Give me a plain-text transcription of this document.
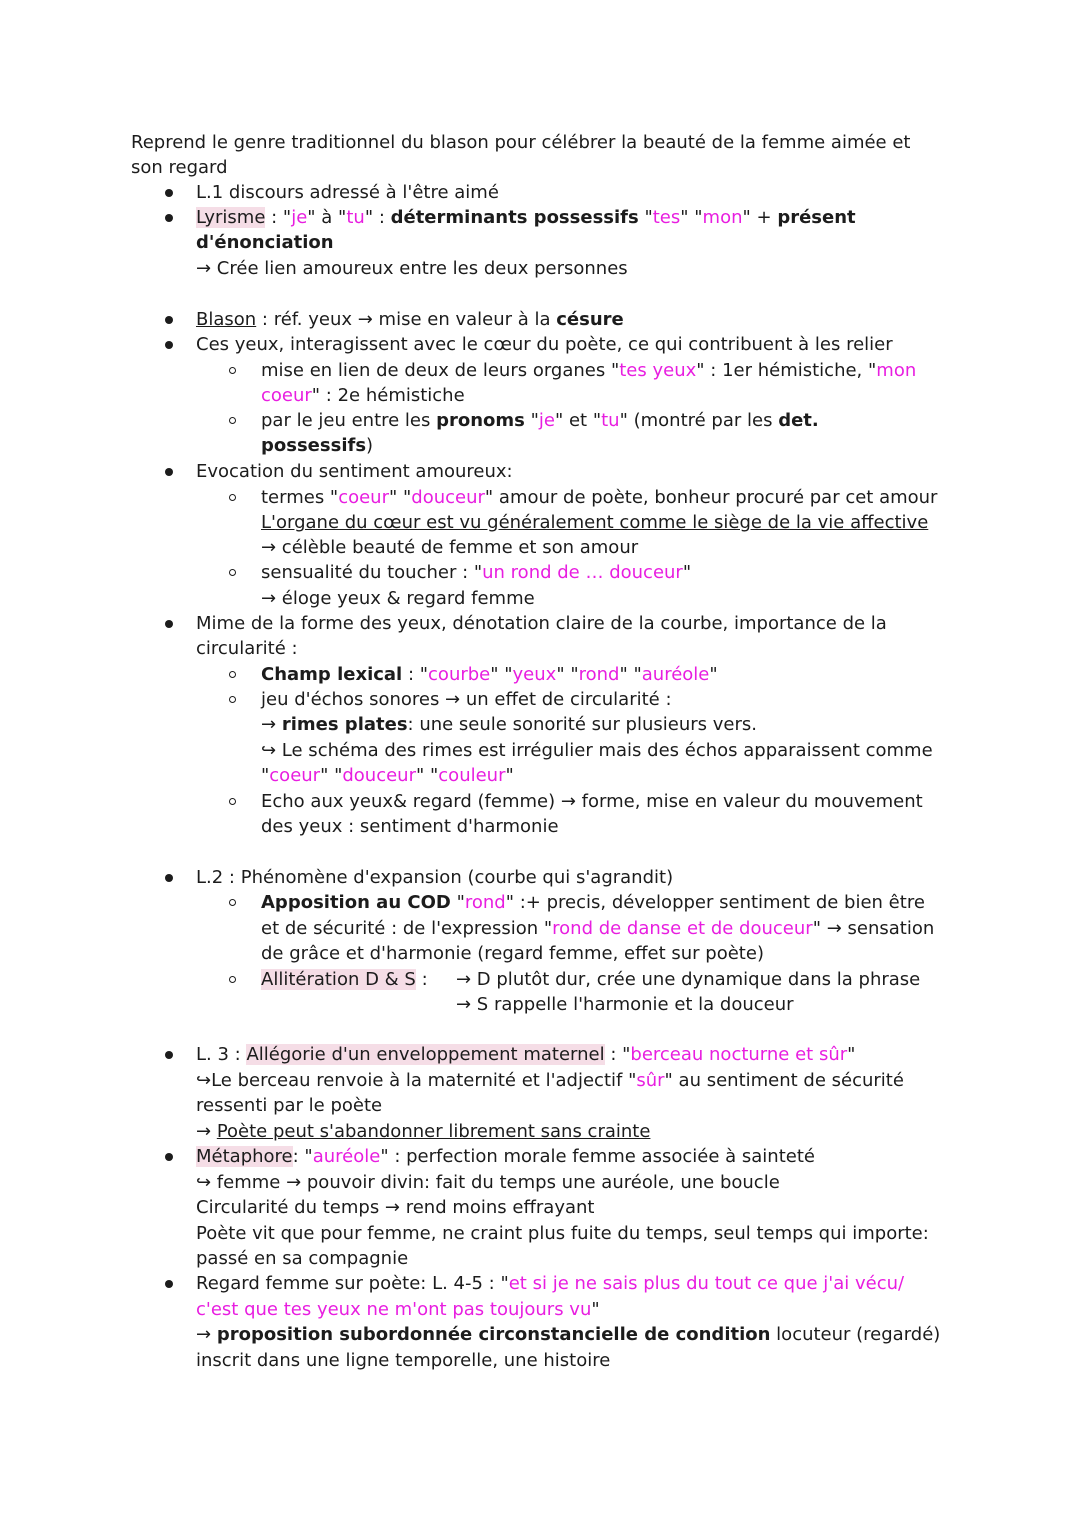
Reprend le genre traditionnel du blason pour célébrer la beauté de la femme aimée et
son regard
L.1 discours adressé à l'être aimé
Lyrisme : "je" à "tu" : déterminants possessifs "tes" "mon" + présent
d'énonciation
→ Crée lien amoureux entre les deux personnes
Blason : réf. yeux → mise en valeur à la césure
Ces yeux, interagissent avec le cœur du poète, ce qui contribuent à les relier
mise en lien de deux de leurs organes "tes yeux" : 1er hémistiche, "mon
coeur" : 2e hémistiche
par le jeu entre les pronoms "je" et "tu" (montré par les det.
possessifs)
Evocation du sentiment amoureux:
termes "coeur" "douceur" amour de poète, bonheur procuré par cet amour
L'organe du cœur est vu généralement comme le siège de la vie affective
→ célèble beauté de femme et son amour
sensualité du toucher : "un rond de … douceur"
→ éloge yeux & regard femme
Mime de la forme des yeux, dénotation claire de la courbe, importance de la
circularité :
Champ lexical : "courbe" "yeux" "rond" "auréole"
jeu d'échos sonores → un effet de circularité :
→ rimes plates: une seule sonorité sur plusieurs vers.
↪ Le schéma des rimes est irrégulier mais des échos apparaissent comme
"coeur" "douceur" "couleur"
Echo aux yeux& regard (femme) → forme, mise en valeur du mouvement
des yeux : sentiment d'harmonie
L.2 : Phénomène d'expansion (courbe qui s'agrandit)
Apposition au COD "rond" :+ precis, développer sentiment de bien être
et de sécurité : de l'expression "rond de danse et de douceur" → sensation
de grâce et d'harmonie (regard femme, effet sur poète)
Allitération D & S : → D plutôt dur, crée une dynamique dans la phrase
→ S rappelle l'harmonie et la douceur
L. 3 : Allégorie d'un enveloppement maternel : "berceau nocturne et sûr"
↪Le berceau renvoie à la maternité et l'adjectif "sûr" au sentiment de sécurité
ressenti par le poète
→ Poète peut s'abandonner librement sans crainte
Métaphore: "auréole" : perfection morale femme associée à sainteté
↪ femme → pouvoir divin: fait du temps une auréole, une boucle
Circularité du temps → rend moins effrayant
Poète vit que pour femme, ne craint plus fuite du temps, seul temps qui importe:
passé en sa compagnie
Regard femme sur poète: L. 4-5 : "et si je ne sais plus du tout ce que j'ai vécu/
c'est que tes yeux ne m'ont pas toujours vu"
→ proposition subordonnée circonstancielle de condition locuteur (regardé)
inscrit dans une ligne temporelle, une histoire
